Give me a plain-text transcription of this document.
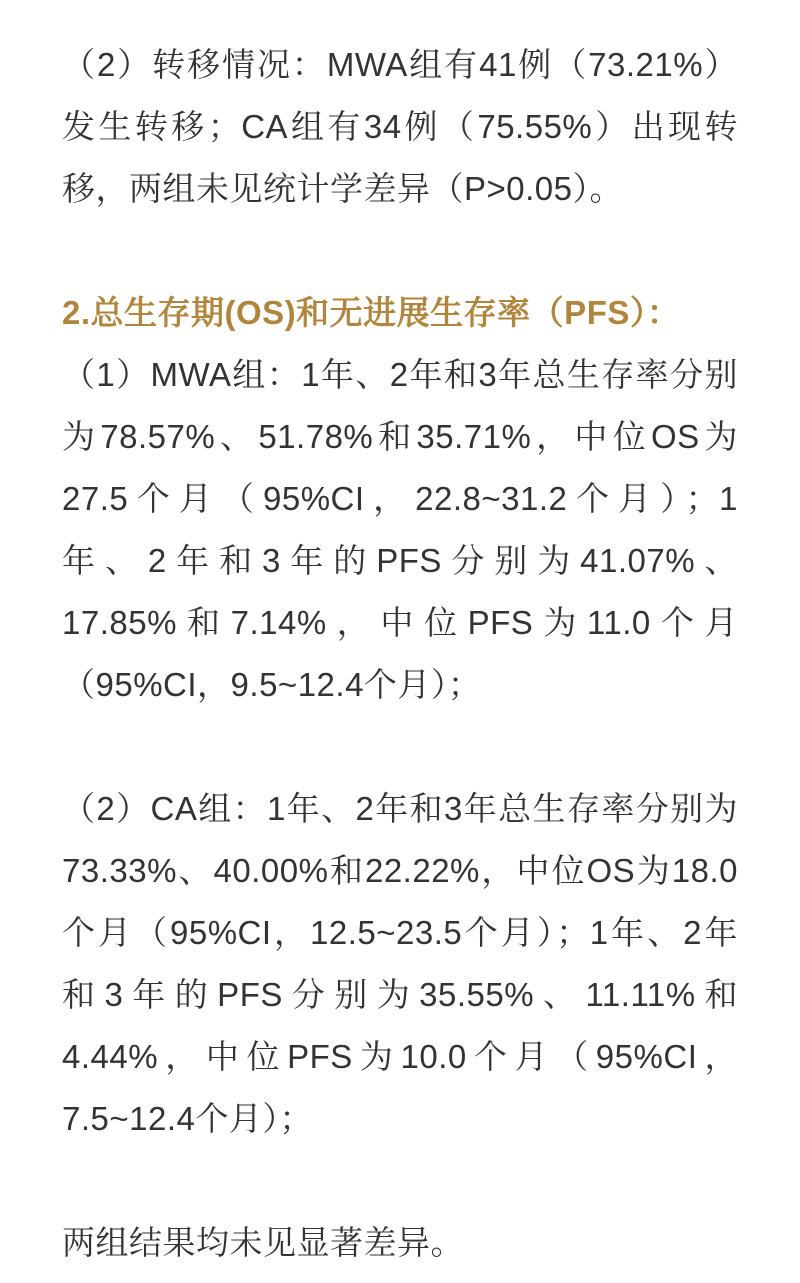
（2）转移情况：MWA组有41例（73.21%）
发生转移；CA组有34例（75.55%）出现转
移，两组未见统计学差异（P>0.05）。
2.总生存期(OS)和无进展生存率（PFS）：
（1）MWA组：1年、2年和3年总生存率分别
为78.57%、51.78%和35.71%，中位OS为
27.5个月（95%CI，22.8~31.2个月）；1
年、2年和3年的PFS分别为41.07%、
17.85%和7.14%，中位PFS为11.0个月
（95%CI，9.5~12.4个月）；
（2）CA组：1年、2年和3年总生存率分别为
73.33%、40.00%和22.22%，中位OS为18.0
个月（95%CI，12.5~23.5个月）；1年、2年
和3年的PFS分别为35.55%、11.11%和
4.44%，中位PFS为10.0个月（95%CI，
7.5~12.4个月）；
两组结果均未见显著差异。
